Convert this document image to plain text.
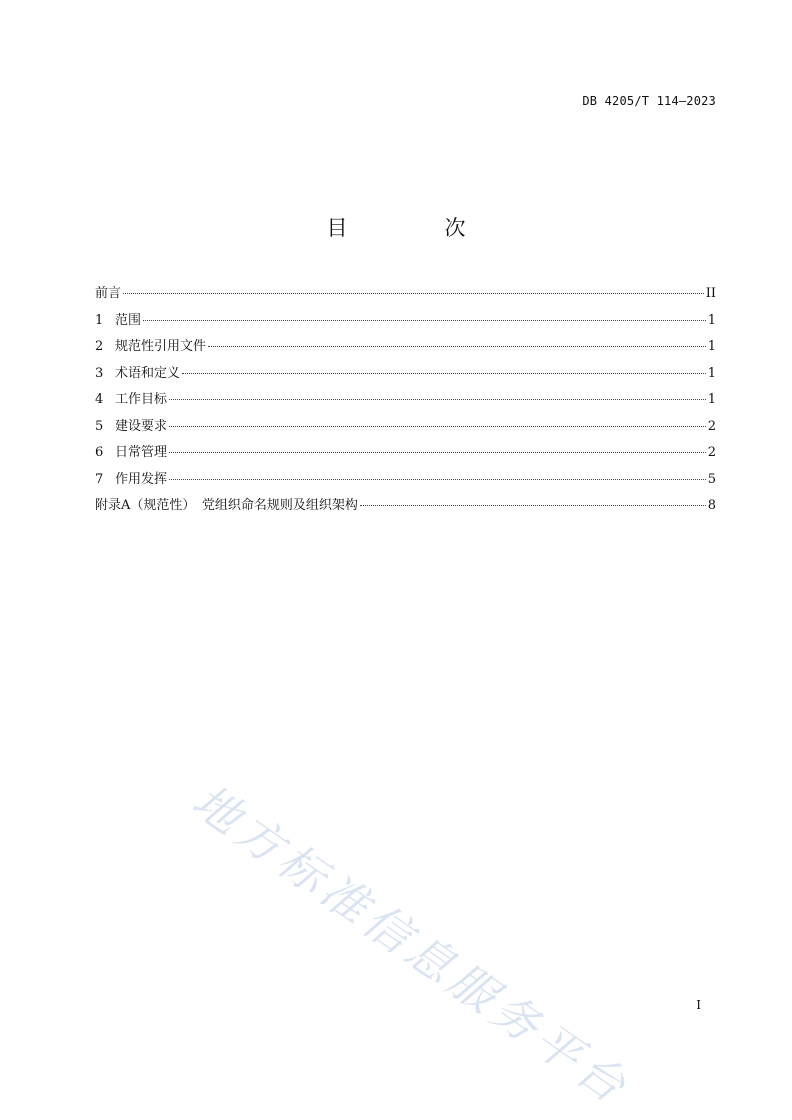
DB 4205/T 114—2023
目　次
前言	II
1 范围	1
2 规范性引用文件	1
3 术语和定义	1
4 工作目标	1
5 建设要求	2
6 日常管理	2
7 作用发挥	5
附录A（规范性）　党组织命名规则及组织架构	8
地方标准信息服务平台	I
